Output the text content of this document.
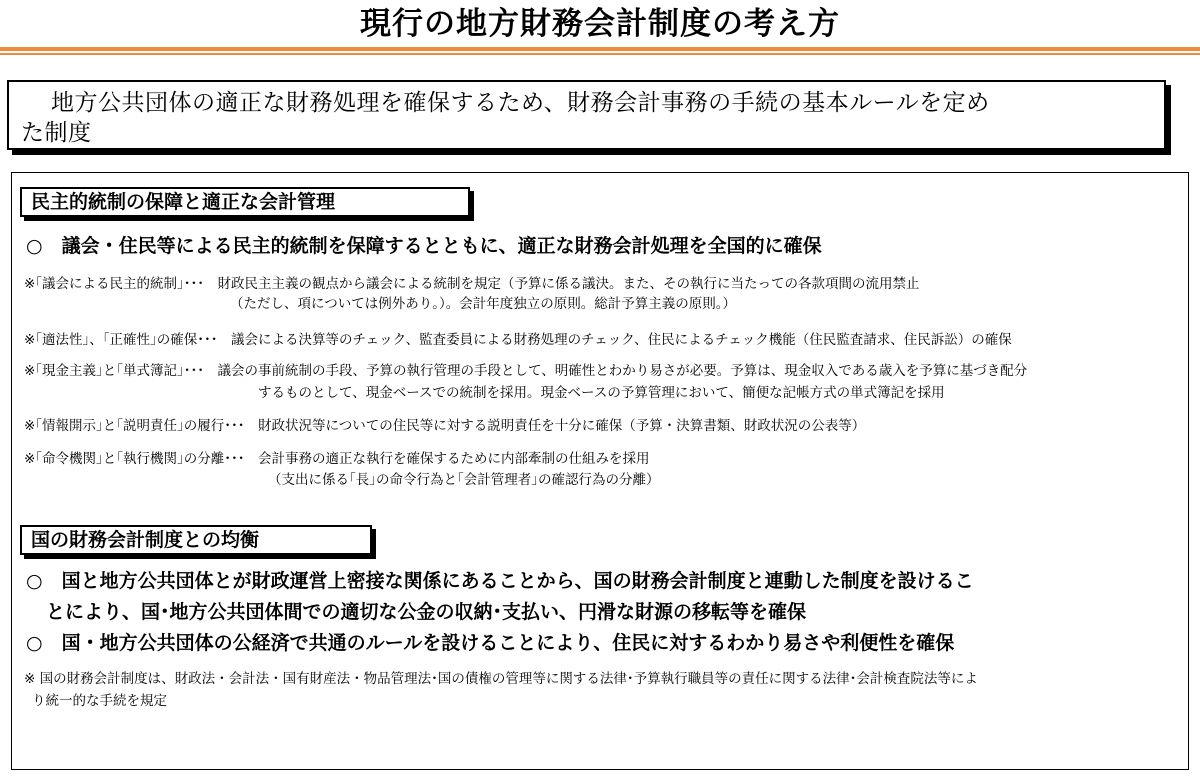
現行の地方財務会計制度の考え方
地方公共団体の適正な財務処理を確保するため、財務会計事務の手続の基本ルールを定め
た制度
民主的統制の保障と適正な会計管理
○　議会・住民等による民主的統制を保障するとともに、適正な財務会計処理を全国的に確保
※｢議会による民主的統制｣･･･　財政民主主義の観点から議会による統制を規定（予算に係る議決。また、その執行に当たっての各款項間の流用禁止
（ただし、項については例外あり。）。会計年度独立の原則。総計予算主義の原則。）
※｢適法性｣、｢正確性｣の確保･･･　議会による決算等のチェック、監査委員による財務処理のチェック、住民によるチェック機能（住民監査請求、住民訴訟）の確保
※｢現金主義｣と｢単式簿記｣･･･　議会の事前統制の手段、予算の執行管理の手段として、明確性とわかり易さが必要。予算は、現金収入である歳入を予算に基づき配分
するものとして、現金ベースでの統制を採用。現金ベースの予算管理において、簡便な記帳方式の単式簿記を採用
※｢情報開示｣と｢説明責任｣の履行･･･　財政状況等についての住民等に対する説明責任を十分に確保（予算・決算書類、財政状況の公表等）
※｢命令機関｣と｢執行機関｣の分離･･･　会計事務の適正な執行を確保するために内部牽制の仕組みを採用
（支出に係る｢長｣の命令行為と｢会計管理者｣の確認行為の分離）
国の財務会計制度との均衡
○　国と地方公共団体とが財政運営上密接な関係にあることから、国の財務会計制度と連動した制度を設けるこ
とにより、国･地方公共団体間での適切な公金の収納･支払い、円滑な財源の移転等を確保
○　国・地方公共団体の公経済で共通のルールを設けることにより、住民に対するわかり易さや利便性を確保
※ 国の財務会計制度は、財政法・会計法・国有財産法・物品管理法･国の債権の管理等に関する法律･予算執行職員等の責任に関する法律･会計検査院法等によ
り統一的な手続を規定
